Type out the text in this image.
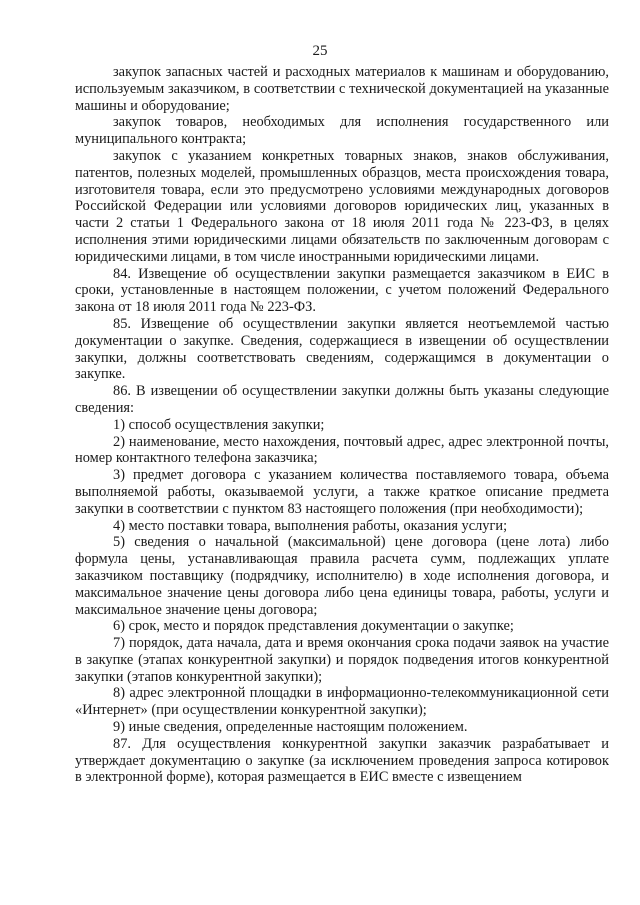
25

закупок запасных частей и расходных материалов к машинам и оборудованию, используемым заказчиком, в соответствии с технической документацией на указанные машины и оборудование;

закупок товаров, необходимых для исполнения государственного или муниципального контракта;

закупок с указанием конкретных товарных знаков, знаков обслуживания, патентов, полезных моделей, промышленных образцов, места происхождения товара, изготовителя товара, если это предусмотрено условиями международных договоров Российской Федерации или условиями договоров юридических лиц, указанных в части 2 статьи 1 Федерального закона от 18 июля 2011 года № 223-ФЗ, в целях исполнения этими юридическими лицами обязательств по заключенным договорам с юридическими лицами, в том числе иностранными юридическими лицами.

84. Извещение об осуществлении закупки размещается заказчиком в ЕИС в сроки, установленные в настоящем положении, с учетом положений Федерального закона от 18 июля 2011 года № 223-ФЗ.

85. Извещение об осуществлении закупки является неотъемлемой частью документации о закупке. Сведения, содержащиеся в извещении об осуществлении закупки, должны соответствовать сведениям, содержащимся в документации о закупке.

86. В извещении об осуществлении закупки должны быть указаны следующие сведения:

1) способ осуществления закупки;

2) наименование, место нахождения, почтовый адрес, адрес электронной почты, номер контактного телефона заказчика;

3) предмет договора с указанием количества поставляемого товара, объема выполняемой работы, оказываемой услуги, а также краткое описание предмета закупки в соответствии с пунктом 83 настоящего положения (при необходимости);

4) место поставки товара, выполнения работы, оказания услуги;

5) сведения о начальной (максимальной) цене договора (цене лота) либо формула цены, устанавливающая правила расчета сумм, подлежащих уплате заказчиком поставщику (подрядчику, исполнителю) в ходе исполнения договора, и максимальное значение цены договора либо цена единицы товара, работы, услуги и максимальное значение цены договора;

6) срок, место и порядок представления документации о закупке;

7) порядок, дата начала, дата и время окончания срока подачи заявок на участие в закупке (этапах конкурентной закупки) и порядок подведения итогов конкурентной закупки (этапов конкурентной закупки);

8) адрес электронной площадки в информационно-телекоммуникационной сети «Интернет» (при осуществлении конкурентной закупки);

9) иные сведения, определенные настоящим положением.

87. Для осуществления конкурентной закупки заказчик разрабатывает и утверждает документацию о закупке (за исключением проведения запроса котировок в электронной форме), которая размещается в ЕИС вместе с извещением
